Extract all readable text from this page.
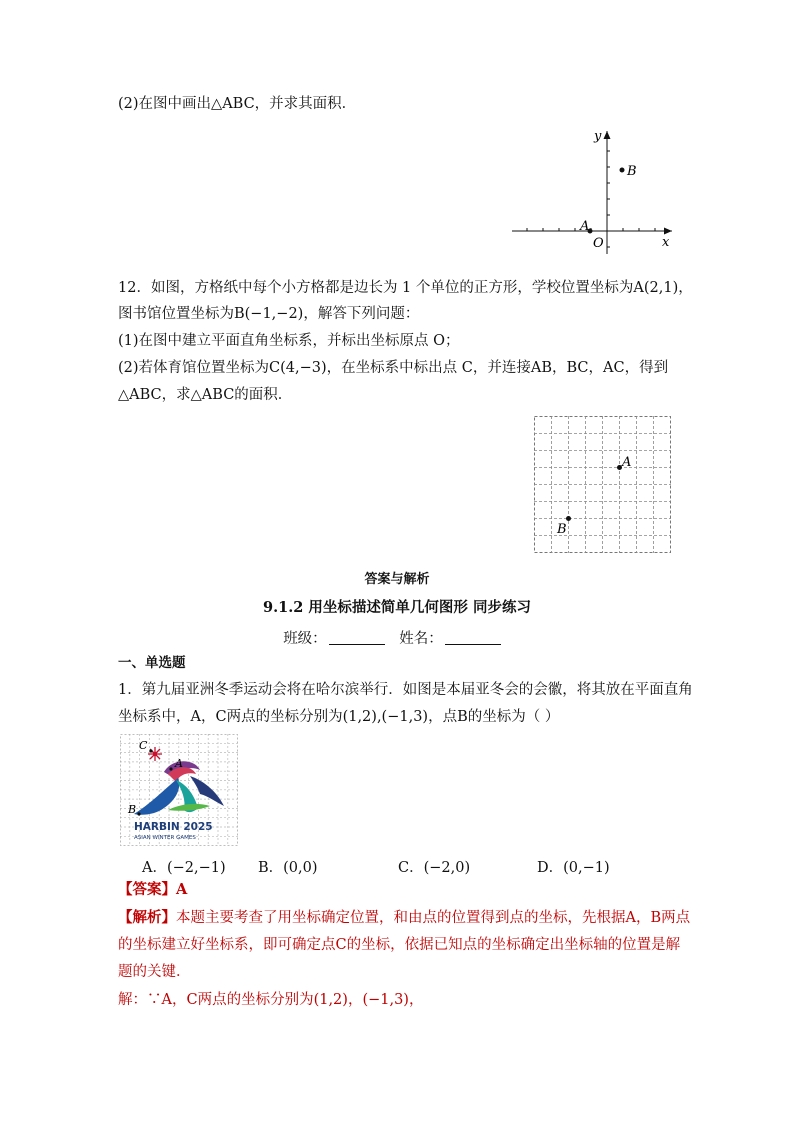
(2)在图中画出△ABC，并求其面积．
y
x
O
A
B
12．如图，方格纸中每个小方格都是边长为 1 个单位的正方形，学校位置坐标为A(2,1)，
图书馆位置坐标为B(−1,−2)，解答下列问题：
(1)在图中建立平面直角坐标系，并标出坐标原点 O；
(2)若体育馆位置坐标为C(4,−3)，在坐标系中标出点 C，并连接AB，BC，AC，得到
△ABC，求△ABC的面积．
A
B
答案与解析
9.1.2 用坐标描述简单几何图形 同步练习
班级：	姓名：
一、单选题
1．第九届亚洲冬季运动会将在哈尔滨举行．如图是本届亚冬会的会徽，将其放在平面直角
坐标系中，A，C两点的坐标分别为(1,2),(−1,3)，点B的坐标为（ ）
C
A
B
HARBIN 2025
ASIAN WINTER GAMES
A．(−2,−1) B．(0,0)	C．(−2,0)	D．(0,−1)
【答案】A
【解析】本题主要考查了用坐标确定位置，和由点的位置得到点的坐标，先根据A，B两点
的坐标建立好坐标系，即可确定点C的坐标，依据已知点的坐标确定出坐标轴的位置是解
题的关键．
解：∵A，C两点的坐标分别为(1,2)，(−1,3)，
